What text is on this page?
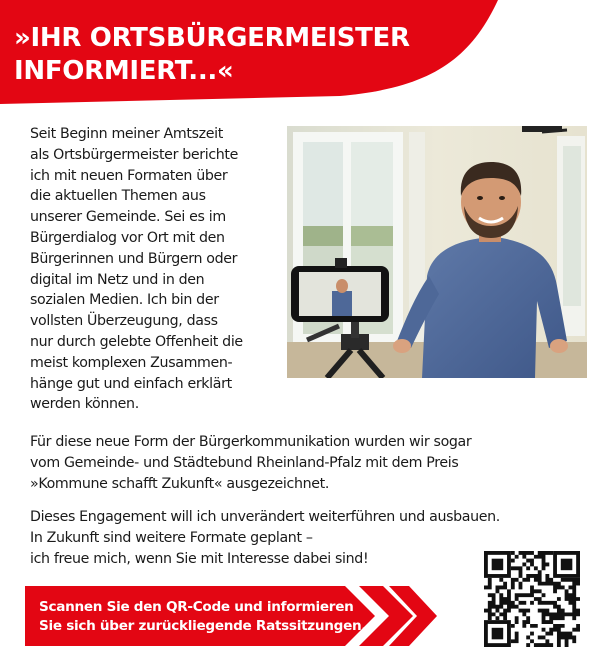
»IHR ORTSBÜRGERMEISTER
INFORMIERT...«

Seit Beginn meiner Amtszeit
als Ortsbürgermeister berichte
ich mit neuen Formaten über
die aktuellen Themen aus
unserer Gemeinde. Sei es im
Bürgerdialog vor Ort mit den
Bürgerinnen und Bürgern oder
digital im Netz und in den
sozialen Medien. Ich bin der
vollsten Überzeugung, dass
nur durch gelebte Offenheit die
meist komplexen Zusammen-
hänge gut und einfach erklärt
werden können.

Für diese neue Form der Bürgerkommunikation wurden wir sogar
vom Gemeinde- und Städtebund Rheinland-Pfalz mit dem Preis
»Kommune schafft Zukunft« ausgezeichnet.

Dieses Engagement will ich unverändert weiterführen und ausbauen.
In Zukunft sind weitere Formate geplant –
ich freue mich, wenn Sie mit Interesse dabei sind!

Scannen Sie den QR-Code und informieren
Sie sich über zurückliegende Ratssitzungen.
